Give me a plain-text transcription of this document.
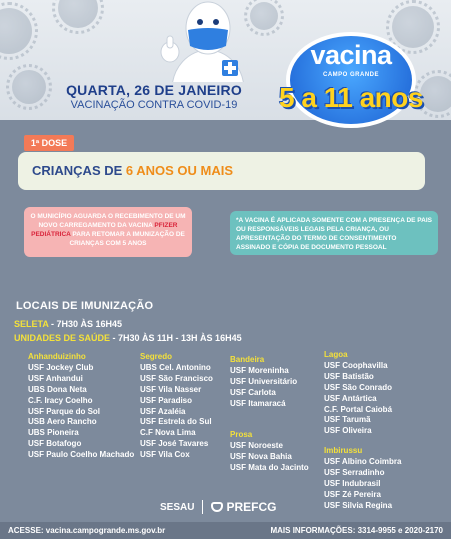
QUARTA, 26 DE JANEIRO
VACINAÇÃO CONTRA COVID-19
vacina
CAMPO GRANDE
5 a 11 anos
1ª DOSE
CRIANÇAS DE 6 ANOS OU MAIS
O MUNICÍPIO AGUARDA O RECEBIMENTO DE UM NOVO CARREGAMENTO DA VACINA PFIZER PEDIÁTRICA PARA RETOMAR A IMUNIZAÇÃO DE CRIANÇAS COM 5 ANOS
*A VACINA É APLICADA SOMENTE COM A PRESENÇA DE PAIS OU RESPONSÁVEIS LEGAIS PELA CRIANÇA, OU APRESENTAÇÃO DO TERMO DE CONSENTIMENTO ASSINADO E CÓPIA DE DOCUMENTO PESSOAL
LOCAIS DE IMUNIZAÇÃO
SELETA - 7H30 ÀS 16H45
UNIDADES DE SAÚDE - 7H30 ÀS 11H - 13H ÀS 16H45
Anhanduizinho
USF Jockey Club
USF Anhandui
UBS Dona Neta
C.F. Iracy Coelho
USF Parque do Sol
USB Aero Rancho
UBS Pioneira
USF Botafogo
USF Paulo Coelho Machado
Segredo
UBS Cel. Antonino
USF São Francisco
USF Vila Nasser
USF Paradiso
USF Azaléia
USF Estrela do Sul
C.F Nova Lima
USF José Tavares
USF Vila Cox
Bandeira
USF Moreninha
USF Universitário
USF Carlota
USF Itamaracá
Prosa
USF Noroeste
USF Nova Bahia
USF Mata do Jacinto
Lagoa
USF Coophavilla
USF Batistão
USF São Conrado
USF Antártica
C.F. Portal Caiobá
USF Tarumã
USF Oliveira
Imbirussu
USF Albino Coimbra
USF Serradinho
USF Indubrasil
USF Zé Pereira
USF Silvia Regina
SESAU	PREFCG
ACESSE: vacina.campogrande.ms.gov.br	MAIS INFORMAÇÕES: 3314-9955 e 2020-2170
